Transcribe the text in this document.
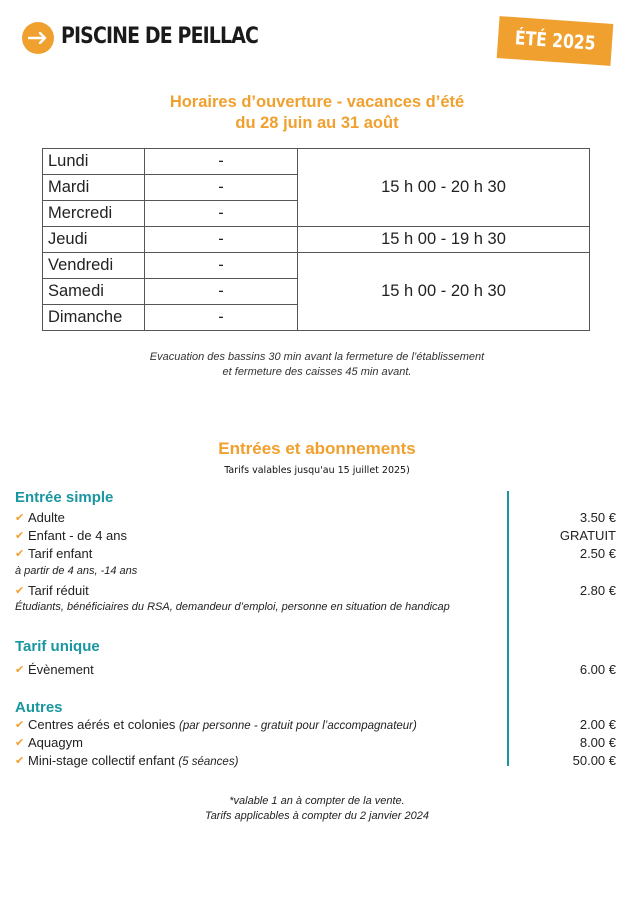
PISCINE DE PEILLAC	ÉTÉ 2025
Horaires d’ouverture - vacances d’été
du 28 juin au 31 août
Lundi	-	15 h 00 - 20 h 30
Mardi	-	
Mercredi	-	
Jeudi	-	15 h 00 - 19 h 30
Vendredi	-	15 h 00 - 20 h 30
Samedi	-	
Dimanche	-	
Evacuation des bassins 30 min avant la fermeture de l’établissement
et fermeture des caisses 45 min avant.
Entrées et abonnements
Tarifs valables jusqu'au 15 juillet 2025)
Entrée simple
✔ Adulte	3.50 €
✔ Enfant - de 4 ans	GRATUIT
✔ Tarif enfant	2.50 €
à partir de 4 ans, -14 ans
✔ Tarif réduit	2.80 €
Étudiants, bénéficiaires du RSA, demandeur d’emploi, personne en situation de handicap
Tarif unique
✔ Évènement	6.00 €
Autres
✔ Centres aérés et colonies (par personne - gratuit pour l’accompagnateur)	2.00 €
✔ Aquagym	8.00 €
✔ Mini-stage collectif enfant (5 séances)	50.00 €
*valable 1 an à compter de la vente.
Tarifs applicables à compter du 2 janvier 2024
